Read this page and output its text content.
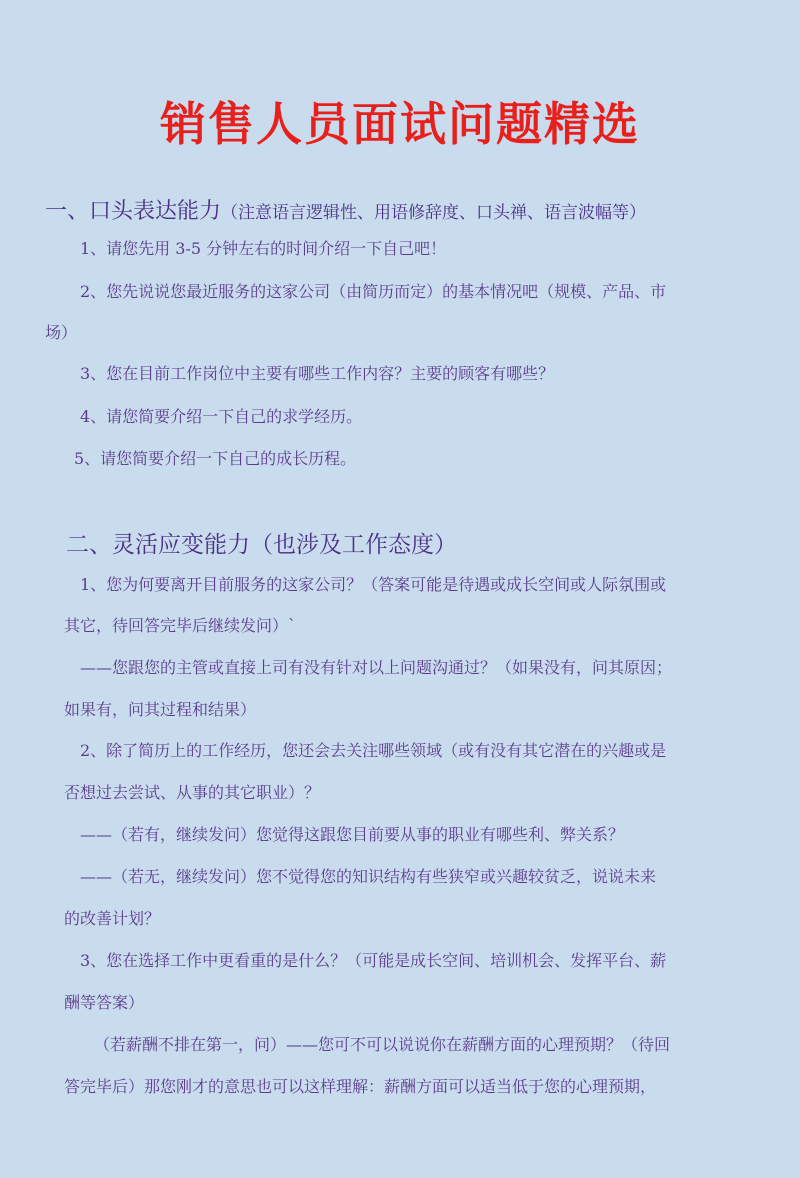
销售人员面试问题精选
一、口头表达能力（注意语言逻辑性、用语修辞度、口头禅、语言波幅等）
1、请您先用 3-5 分钟左右的时间介绍一下自己吧！
2、您先说说您最近服务的这家公司（由简历而定）的基本情况吧（规模、产品、市
场）
3、您在目前工作岗位中主要有哪些工作内容？主要的顾客有哪些？
4、请您简要介绍一下自己的求学经历。
5、请您简要介绍一下自己的成长历程。
二、灵活应变能力（也涉及工作态度）
1、您为何要离开目前服务的这家公司？（答案可能是待遇或成长空间或人际氛围或
其它，待回答完毕后继续发问）`
——您跟您的主管或直接上司有没有针对以上问题沟通过？（如果没有，问其原因；
如果有，问其过程和结果）
2、除了简历上的工作经历，您还会去关注哪些领域（或有没有其它潜在的兴趣或是
否想过去尝试、从事的其它职业）？
——（若有，继续发问）您觉得这跟您目前要从事的职业有哪些利、弊关系？
——（若无，继续发问）您不觉得您的知识结构有些狭窄或兴趣较贫乏，说说未来
的改善计划？
3、您在选择工作中更看重的是什么？（可能是成长空间、培训机会、发挥平台、薪
酬等答案）
（若薪酬不排在第一，问）——您可不可以说说你在薪酬方面的心理预期？（待回
答完毕后）那您刚才的意思也可以这样理解：薪酬方面可以适当低于您的心理预期，
